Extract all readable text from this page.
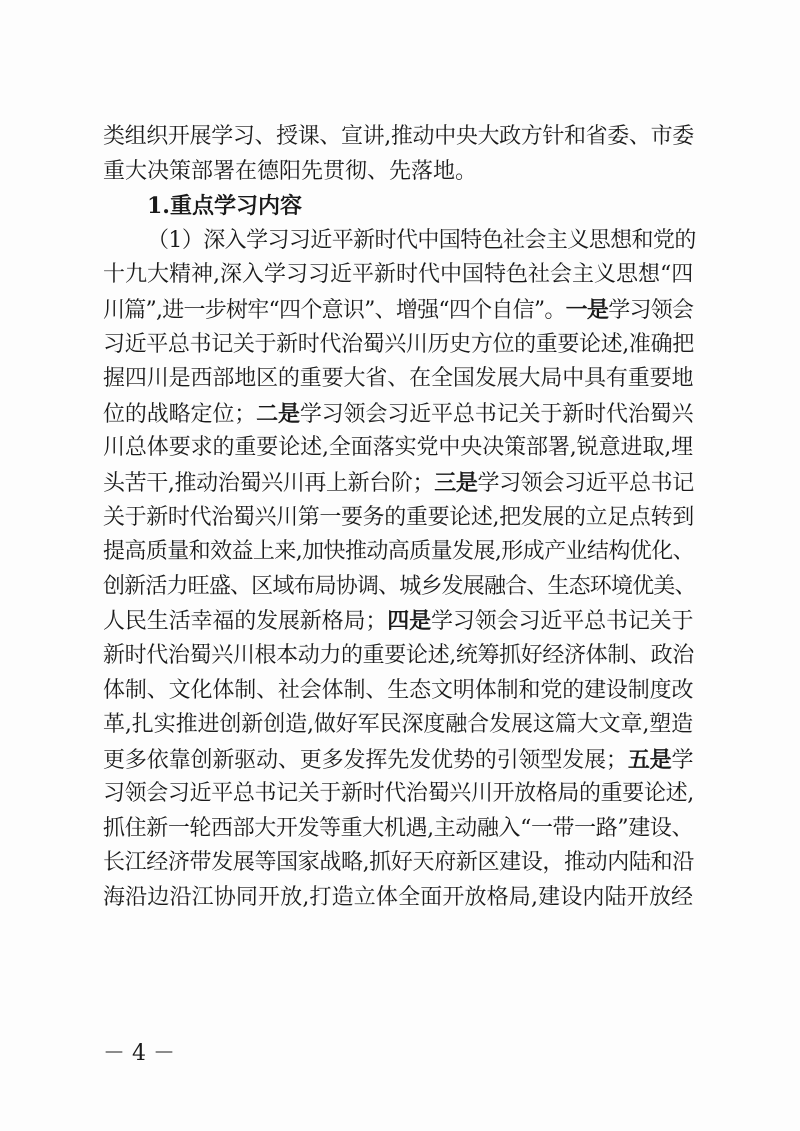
类组织开展学习、授课、宣讲,推动中央大政方针和省委、市委
重大决策部署在德阳先贯彻、先落地。
1.重点学习内容
（1）深入学习习近平新时代中国特色社会主义思想和党的
十九大精神,深入学习习近平新时代中国特色社会主义思想“四
川篇”,进一步树牢“四个意识”、增强“四个自信”。一是学习领会
习近平总书记关于新时代治蜀兴川历史方位的重要论述,准确把
握四川是西部地区的重要大省、在全国发展大局中具有重要地
位的战略定位；二是学习领会习近平总书记关于新时代治蜀兴
川总体要求的重要论述,全面落实党中央决策部署,锐意进取,埋
头苦干,推动治蜀兴川再上新台阶；三是学习领会习近平总书记
关于新时代治蜀兴川第一要务的重要论述,把发展的立足点转到
提高质量和效益上来,加快推动高质量发展,形成产业结构优化、
创新活力旺盛、区域布局协调、城乡发展融合、生态环境优美、
人民生活幸福的发展新格局；四是学习领会习近平总书记关于
新时代治蜀兴川根本动力的重要论述,统筹抓好经济体制、政治
体制、文化体制、社会体制、生态文明体制和党的建设制度改
革,扎实推进创新创造,做好军民深度融合发展这篇大文章,塑造
更多依靠创新驱动、更多发挥先发优势的引领型发展；五是学
习领会习近平总书记关于新时代治蜀兴川开放格局的重要论述,
抓住新一轮西部大开发等重大机遇,主动融入“一带一路”建设、
长江经济带发展等国家战略,抓好天府新区建设，推动内陆和沿
海沿边沿江协同开放,打造立体全面开放格局,建设内陆开放经
－ 4 －
